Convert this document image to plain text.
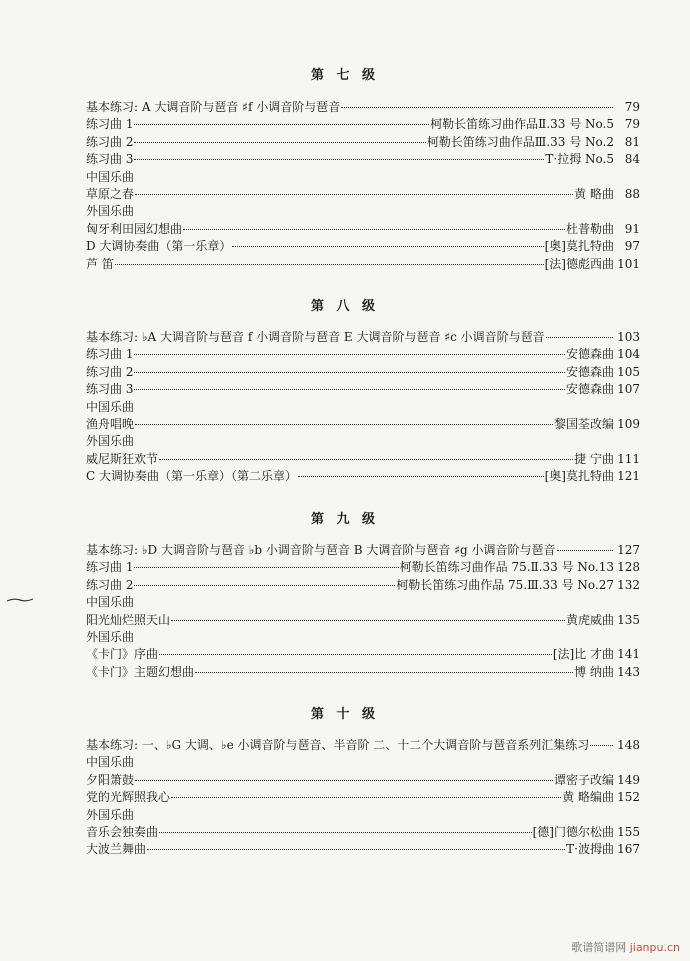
第 七 级
基本练习: A 大调音阶与琶音 ♯f 小调音阶与琶音	79
练习曲 1	柯勒长笛练习曲作品Ⅱ.33 号 No.5 79
练习曲 2	柯勒长笛练习曲作品Ⅲ.33 号 No.2 81
练习曲 3	T·拉拇 No.5 84
中国乐曲
草原之春	黄 略曲 88
外国乐曲
匈牙利田园幻想曲	杜普勒曲 91
D 大调协奏曲（第一乐章）	[奥]莫扎特曲 97
芦 笛	[法]德彪西曲 101
第 八 级
基本练习: ♭A 大调音阶与琶音 f 小调音阶与琶音 E 大调音阶与琶音 ♯c 小调音阶与琶音	103
练习曲 1	安德森曲 104
练习曲 2	安德森曲 105
练习曲 3	安德森曲 107
中国乐曲
渔舟唱晚	黎国荃改编 109
外国乐曲
威尼斯狂欢节	捷 宁曲 111
C 大调协奏曲（第一乐章）（第二乐章）	[奥]莫扎特曲 121
第 九 级
基本练习: ♭D 大调音阶与琶音 ♭b 小调音阶与琶音 B 大调音阶与琶音 ♯g 小调音阶与琶音	127
练习曲 1	柯勒长笛练习曲作品 75.Ⅱ.33 号 No.13 128
练习曲 2	柯勒长笛练习曲作品 75.Ⅲ.33 号 No.27 132
中国乐曲
阳光灿烂照天山	黄虎威曲 135
外国乐曲
《卡门》序曲	[法]比 才曲 141
《卡门》主题幻想曲	博 纳曲 143
第 十 级
基本练习: 一、♭G 大调、♭e 小调音阶与琶音、半音阶 二、十二个大调音阶与琶音系列汇集练习 148
中国乐曲
夕阳箫鼓	谭密子改编 149
党的光辉照我心	黄 略编曲 152
外国乐曲
音乐会独奏曲	[德]门德尔松曲 155
大波兰舞曲	T·波拇曲 167
歌谱简谱网 jianpu.cn
